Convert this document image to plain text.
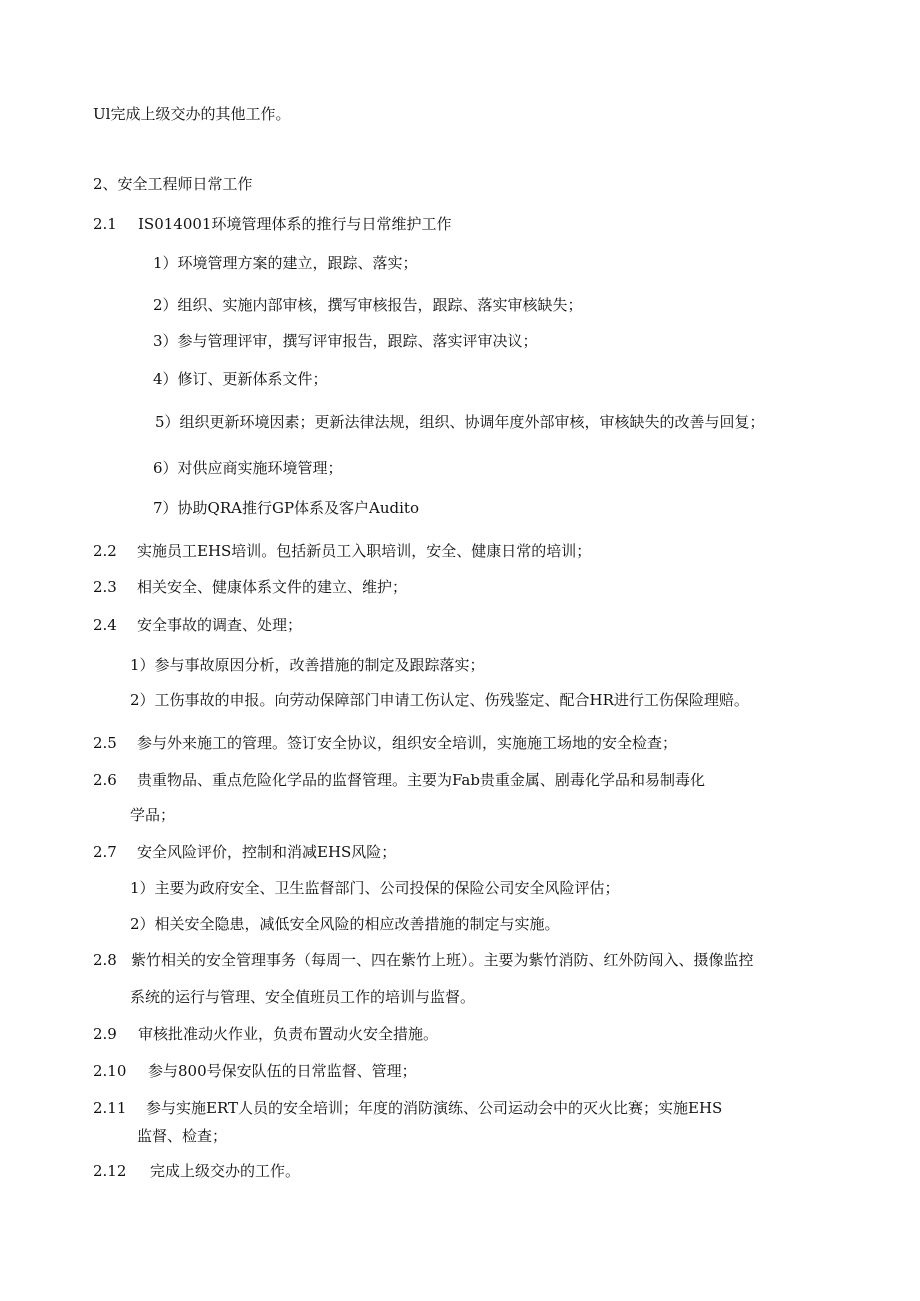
Ul完成上级交办的其他工作。
2、安全工程师日常工作
2.1 IS014001环境管理体系的推行与日常维护工作
1）环境管理方案的建立，跟踪、落实；
2）组织、实施内部审核，撰写审核报告，跟踪、落实审核缺失；
3）参与管理评审，撰写评审报告，跟踪、落实评审决议；
4）修订、更新体系文件；
5）组织更新环境因素；更新法律法规，组织、协调年度外部审核，审核缺失的改善与回复；
6）对供应商实施环境管理；
7）协助QRA推行GP体系及客户Audito
2.2 实施员工EHS培训。包括新员工入职培训，安全、健康日常的培训；
2.3 相关安全、健康体系文件的建立、维护；
2.4 安全事故的调查、处理；
1）参与事故原因分析，改善措施的制定及跟踪落实；
2）工伤事故的申报。向劳动保障部门申请工伤认定、伤残鉴定、配合HR进行工伤保险理赔。
2.5 参与外来施工的管理。签订安全协议，组织安全培训，实施施工场地的安全检查；
2.6 贵重物品、重点危险化学品的监督管理。主要为Fab贵重金属、剧毒化学品和易制毒化
学品；
2.7 安全风险评价，控制和消减EHS风险；
1）主要为政府安全、卫生监督部门、公司投保的保险公司安全风险评估；
2）相关安全隐患，减低安全风险的相应改善措施的制定与实施。
2.8 紫竹相关的安全管理事务（每周一、四在紫竹上班）。主要为紫竹消防、红外防闯入、摄像监控
系统的运行与管理、安全值班员工作的培训与监督。
2.9 审核批准动火作业，负责布置动火安全措施。
2.10 参与800号保安队伍的日常监督、管理；
2.11 参与实施ERT人员的安全培训；年度的消防演练、公司运动会中的灭火比赛；实施EHS
监督、检查；
2.12 完成上级交办的工作。
